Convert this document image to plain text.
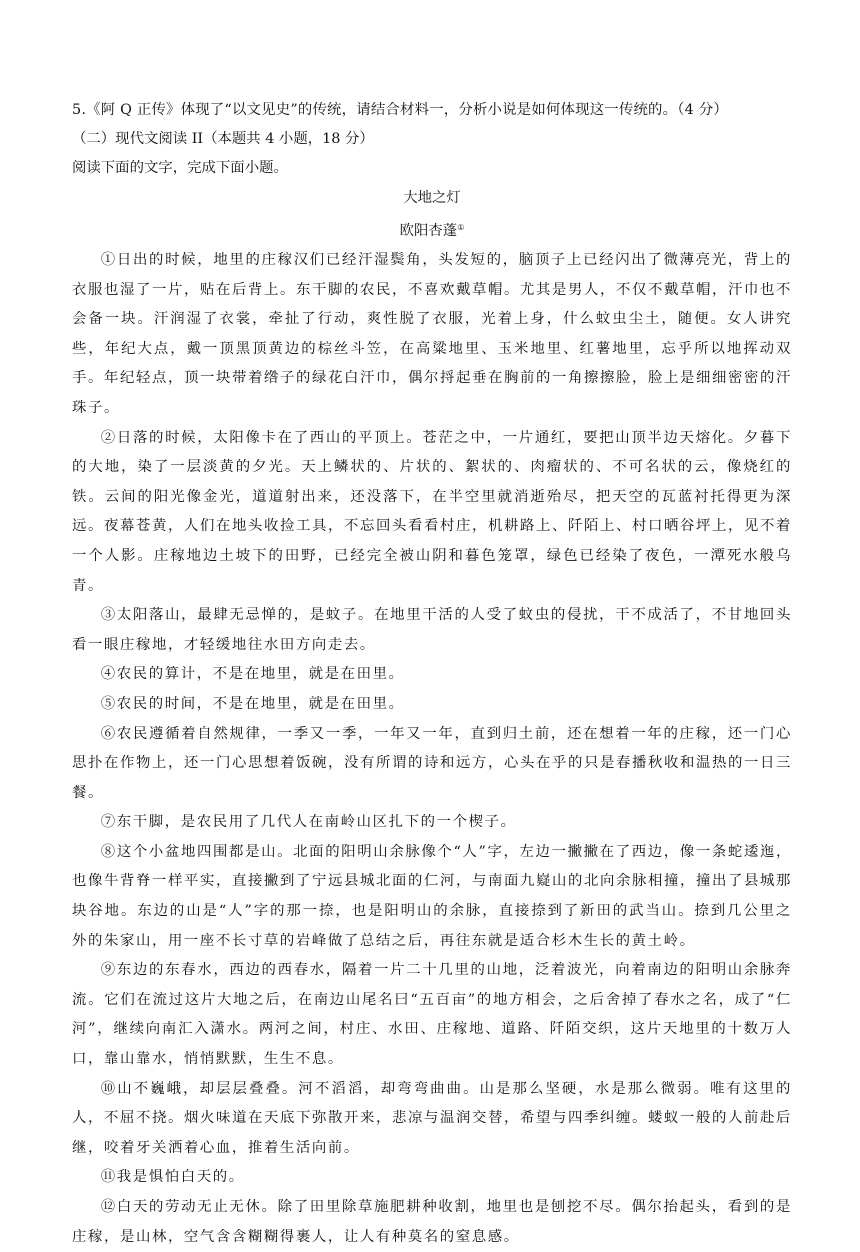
5.《阿 Q 正传》体现了“以文见史”的传统，请结合材料一，分析小说是如何体现这一传统的。（4 分）

（二）现代文阅读 II（本题共 4 小题，18 分）

阅读下面的文字，完成下面小题。

大地之灯

欧阳杏蓬①

①日出的时候，地里的庄稼汉们已经汗湿鬓角，头发短的，脑顶子上已经闪出了微薄亮光，背上的衣服也湿了一片，贴在后背上。东干脚的农民，不喜欢戴草帽。尤其是男人，不仅不戴草帽，汗巾也不会备一块。汗润湿了衣裳，牵扯了行动，爽性脱了衣服，光着上身，什么蚊虫尘土，随便。女人讲究些，年纪大点，戴一顶黑顶黄边的棕丝斗笠，在高粱地里、玉米地里、红薯地里，忘乎所以地挥动双手。年纪轻点，顶一块带着绺子的绿花白汗巾，偶尔捋起垂在胸前的一角擦擦脸，脸上是细细密密的汗珠子。

②日落的时候，太阳像卡在了西山的平顶上。苍茫之中，一片通红，要把山顶半边天熔化。夕暮下的大地，染了一层淡黄的夕光。天上鳞状的、片状的、絮状的、肉瘤状的、不可名状的云，像烧红的铁。云间的阳光像金光，道道射出来，还没落下，在半空里就消逝殆尽，把天空的瓦蓝衬托得更为深远。夜幕苍黄，人们在地头收捡工具，不忘回头看看村庄，机耕路上、阡陌上、村口晒谷坪上，见不着一个人影。庄稼地边土坡下的田野，已经完全被山阴和暮色笼罩，绿色已经染了夜色，一潭死水般乌青。

③太阳落山，最肆无忌惮的，是蚊子。在地里干活的人受了蚊虫的侵扰，干不成活了，不甘地回头看一眼庄稼地，才轻缓地往水田方向走去。

④农民的算计，不是在地里，就是在田里。

⑤农民的时间，不是在地里，就是在田里。

⑥农民遵循着自然规律，一季又一季，一年又一年，直到归土前，还在想着一年的庄稼，还一门心思扑在作物上，还一门心思想着饭碗，没有所谓的诗和远方，心头在乎的只是春播秋收和温热的一日三餐。

⑦东干脚，是农民用了几代人在南岭山区扎下的一个楔子。

⑧这个小盆地四围都是山。北面的阳明山余脉像个“人”字，左边一撇撇在了西边，像一条蛇逶迤，也像牛背脊一样平实，直接撇到了宁远县城北面的仁河，与南面九嶷山的北向余脉相撞，撞出了县城那块谷地。东边的山是“人”字的那一捺，也是阳明山的余脉，直接捺到了新田的武当山。捺到几公里之外的朱家山，用一座不长寸草的岩峰做了总结之后，再往东就是适合杉木生长的黄土岭。

⑨东边的东春水，西边的西春水，隔着一片二十几里的山地，泛着波光，向着南边的阳明山余脉奔流。它们在流过这片大地之后，在南边山尾名曰“五百亩”的地方相会，之后舍掉了春水之名，成了“仁河”，继续向南汇入潇水。两河之间，村庄、水田、庄稼地、道路、阡陌交织，这片天地里的十数万人口，靠山靠水，悄悄默默，生生不息。

⑩山不巍峨，却层层叠叠。河不滔滔，却弯弯曲曲。山是那么坚硬，水是那么微弱。唯有这里的人，不屈不挠。烟火味道在天底下弥散开来，悲凉与温润交替，希望与四季纠缠。蝼蚁一般的人前赴后继，咬着牙关洒着心血，推着生活向前。

⑪我是惧怕白天的。

⑫白天的劳动无止无休。除了田里除草施肥耕种收割，地里也是刨挖不尽。偶尔抬起头，看到的是庄稼，是山林，空气含含糊糊得裹人，让人有种莫名的窒息感。
